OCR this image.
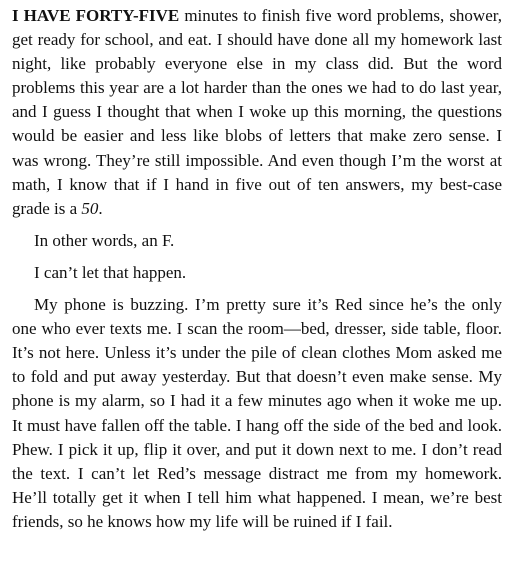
I HAVE FORTY-FIVE minutes to finish five word problems, shower, get ready for school, and eat. I should have done all my homework last night, like probably everyone else in my class did. But the word problems this year are a lot harder than the ones we had to do last year, and I guess I thought that when I woke up this morning, the questions would be easier and less like blobs of letters that make zero sense. I was wrong. They’re still impossible. And even though I’m the worst at math, I know that if I hand in five out of ten answers, my best-case grade is a 50.

In other words, an F.

I can’t let that happen.

My phone is buzzing. I’m pretty sure it’s Red since he’s the only one who ever texts me. I scan the room—bed, dresser, side table, floor. It’s not here. Unless it’s under the pile of clean clothes Mom asked me to fold and put away yesterday. But that doesn’t even make sense. My phone is my alarm, so I had it a few minutes ago when it woke me up. It must have fallen off the table. I hang off the side of the bed and look. Phew. I pick it up, flip it over, and put it down next to me. I don’t read the text. I can’t let Red’s message distract me from my homework. He’ll totally get it when I tell him what happened. I mean, we’re best friends, so he knows how my life will be ruined if I fail.
